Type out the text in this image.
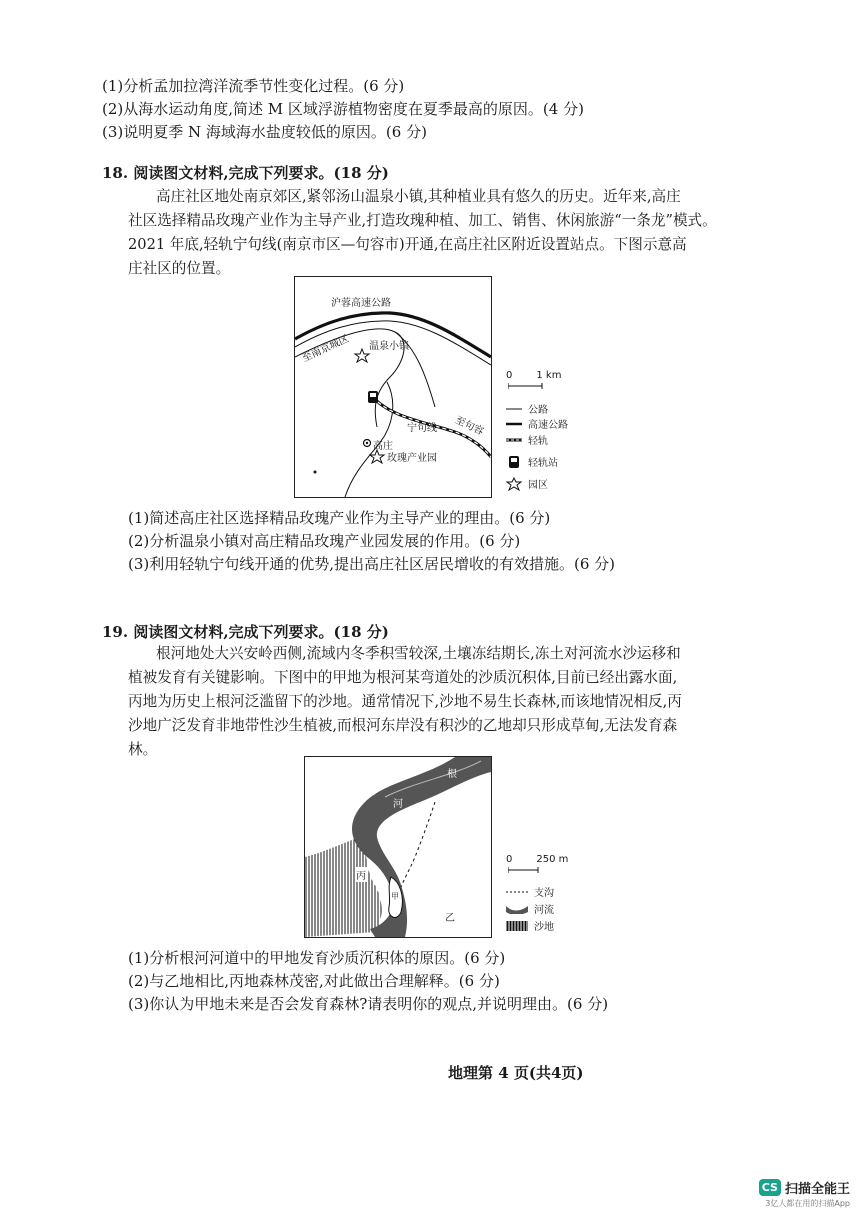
(1)分析孟加拉湾洋流季节性变化过程。(6 分)
(2)从海水运动角度,简述 M 区域浮游植物密度在夏季最高的原因。(4 分)
(3)说明夏季 N 海域海水盐度较低的原因。(6 分)
18. 阅读图文材料,完成下列要求。(18 分)
高庄社区地处南京郊区,紧邻汤山温泉小镇,其种植业具有悠久的历史。近年来,高庄
社区选择精品玫瑰产业作为主导产业,打造玫瑰种植、加工、销售、休闲旅游“一条龙”模式。
2021 年底,轻轨宁句线(南京市区—句容市)开通,在高庄社区附近设置站点。下图示意高
庄社区的位置。
沪蓉高速公路
至南京城区 温泉小镇
宁句线 至句容
高庄
玫瑰产业园
0 1 km
公路
高速公路
轻轨
轻轨站
园区
(1)简述高庄社区选择精品玫瑰产业作为主导产业的理由。(6 分)
(2)分析温泉小镇对高庄精品玫瑰产业园发展的作用。(6 分)
(3)利用轻轨宁句线开通的优势,提出高庄社区居民增收的有效措施。(6 分)
19. 阅读图文材料,完成下列要求。(18 分)
根河地处大兴安岭西侧,流域内冬季积雪较深,土壤冻结期长,冻土对河流水沙运移和
植被发育有关键影响。下图中的甲地为根河某弯道处的沙质沉积体,目前已经出露水面,
丙地为历史上根河泛滥留下的沙地。通常情况下,沙地不易生长森林,而该地情况相反,丙
沙地广泛发育非地带性沙生植被,而根河东岸没有积沙的乙地却只形成草甸,无法发育森
林。
根
河
丙
甲
乙
0 250 m
支沟
河流
沙地
(1)分析根河河道中的甲地发育沙质沉积体的原因。(6 分)
(2)与乙地相比,丙地森林茂密,对此做出合理解释。(6 分)
(3)你认为甲地未来是否会发育森林?请表明你的观点,并说明理由。(6 分)
地理第 4 页(共4页)
CS 扫描全能王
3亿人都在用的扫描App
